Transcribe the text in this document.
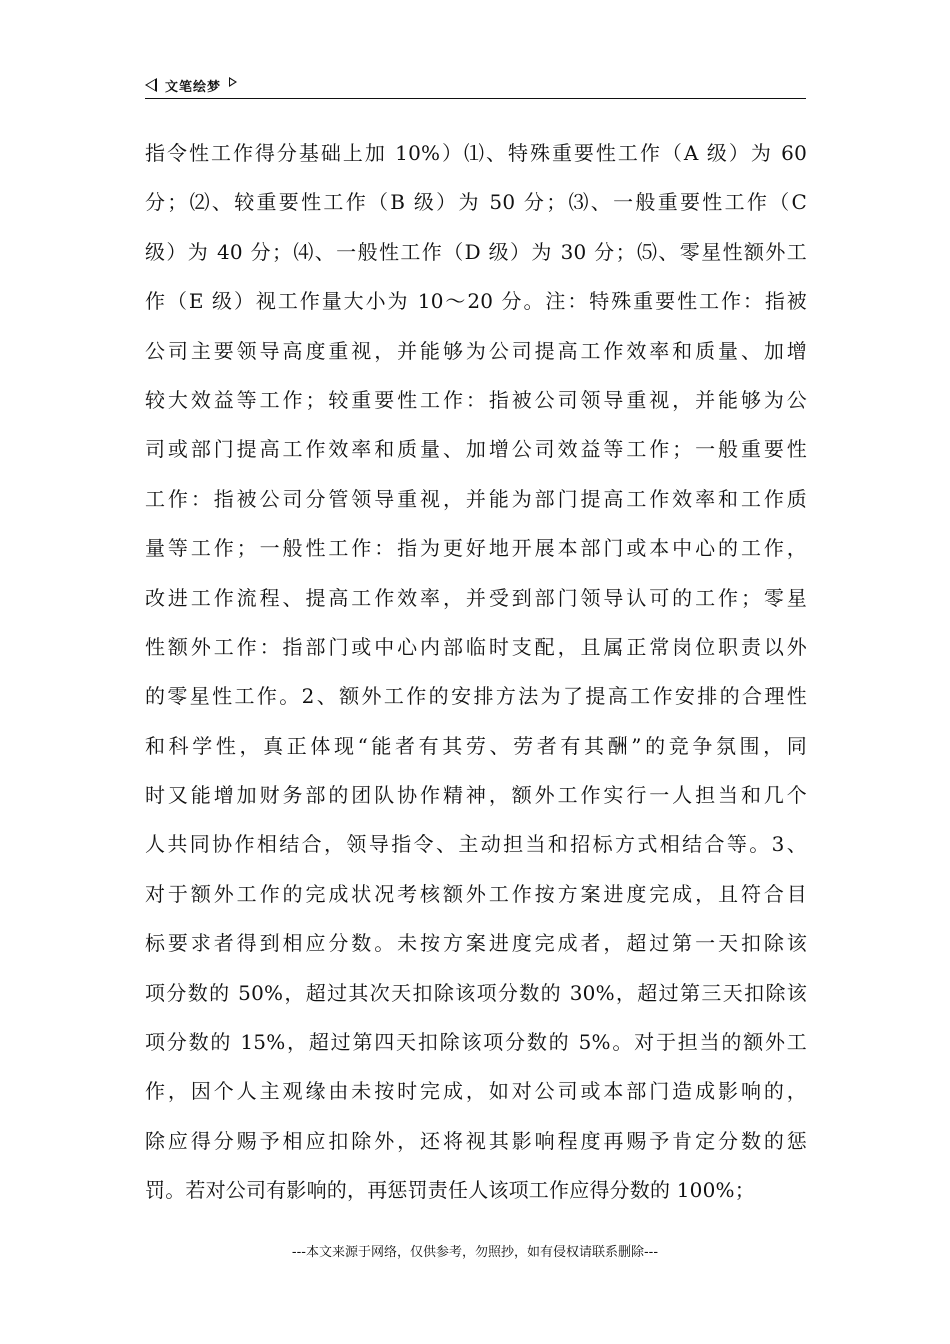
文笔绘梦
指令性工作得分基础上加 10%）⑴、特殊重要性工作（A 级）为 60
分；⑵、较重要性工作（B 级）为 50 分；⑶、一般重要性工作（C
级）为 40 分；⑷、一般性工作（D 级）为 30 分；⑸、零星性额外工
作（E 级）视工作量大小为 10～20 分。注：特殊重要性工作：指被
公司主要领导高度重视，并能够为公司提高工作效率和质量、加增
较大效益等工作；较重要性工作：指被公司领导重视，并能够为公
司或部门提高工作效率和质量、加增公司效益等工作；一般重要性
工作：指被公司分管领导重视，并能为部门提高工作效率和工作质
量等工作；一般性工作：指为更好地开展本部门或本中心的工作，
改进工作流程、提高工作效率，并受到部门领导认可的工作；零星
性额外工作：指部门或中心内部临时支配，且属正常岗位职责以外
的零星性工作。2、额外工作的安排方法为了提高工作安排的合理性
和科学性，真正体现“能者有其劳、劳者有其酬”的竞争氛围，同
时又能增加财务部的团队协作精神，额外工作实行一人担当和几个
人共同协作相结合，领导指令、主动担当和招标方式相结合等。3、
对于额外工作的完成状况考核额外工作按方案进度完成，且符合目
标要求者得到相应分数。未按方案进度完成者，超过第一天扣除该
项分数的 50%，超过其次天扣除该项分数的 30%，超过第三天扣除该
项分数的 15%，超过第四天扣除该项分数的 5%。对于担当的额外工
作，因个人主观缘由未按时完成，如对公司或本部门造成影响的，
除应得分赐予相应扣除外，还将视其影响程度再赐予肯定分数的惩
罚。若对公司有影响的，再惩罚责任人该项工作应得分数的 100%；
---本文来源于网络，仅供参考，勿照抄，如有侵权请联系删除---
